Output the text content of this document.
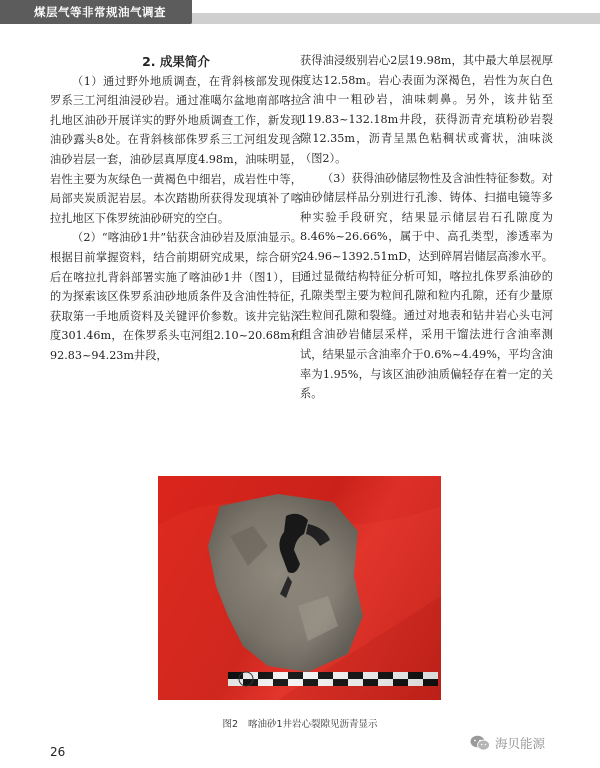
煤层气等非常规油气调查

2. 成果简介

（1）通过野外地质调查，在背斜核部发现侏罗系三工河组油浸砂岩。通过准噶尔盆地南部喀拉扎地区油砂开展详实的野外地质调查工作，新发现油砂露头8处。在背斜核部侏罗系三工河组发现含油砂岩层一套，油砂层真厚度4.98m，油味明显，岩性主要为灰绿色一黄褐色中细岩，成岩性中等，局部夹炭质泥岩层。本次踏勘所获得发现填补了喀拉扎地区下侏罗统油砂研究的空白。

（2）“喀油砂1井”钻获含油砂岩及原油显示。根据目前掌握资料，结合前期研究成果，综合研究后在喀拉扎背斜部署实施了喀油砂1井（图1），目的为探索该区侏罗系油砂地质条件及含油性特征，获取第一手地质资料及关键评价参数。该井完钻深度301.46m，在侏罗系头屯河组2.10~20.68m和92.83~94.23m井段，

获得油浸级别岩心2层19.98m，其中最大单层视厚度达12.58m。岩心表面为深褐色，岩性为灰白色含油中一粗砂岩，油味刺鼻。另外，该井钻至119.83~132.18m井段，获得沥青充填粉砂岩裂隙12.35m，沥青呈黑色粘稠状或膏状，油味淡（图2）。

（3）获得油砂储层物性及含油性特征参数。对油砂储层样品分别进行孔渗、铸体、扫描电镜等多种实验手段研究，结果显示储层岩石孔隙度为8.46%~26.66%，属于中、高孔类型，渗透率为24.96~1392.51mD，达到碎屑岩储层高渗水平。通过显微结构特征分析可知，喀拉扎侏罗系油砂的孔隙类型主要为粒间孔隙和粒内孔隙，还有少量原生粒间孔隙和裂缝。通过对地表和钻井岩心头屯河组含油砂岩储层采样，采用干馏法进行含油率测试，结果显示含油率介于0.6%~4.49%，平均含油率为1.95%，与该区油砂油质偏轻存在着一定的关系。

图2 喀油砂1井岩心裂隙见沥青显示
26
海贝能源
